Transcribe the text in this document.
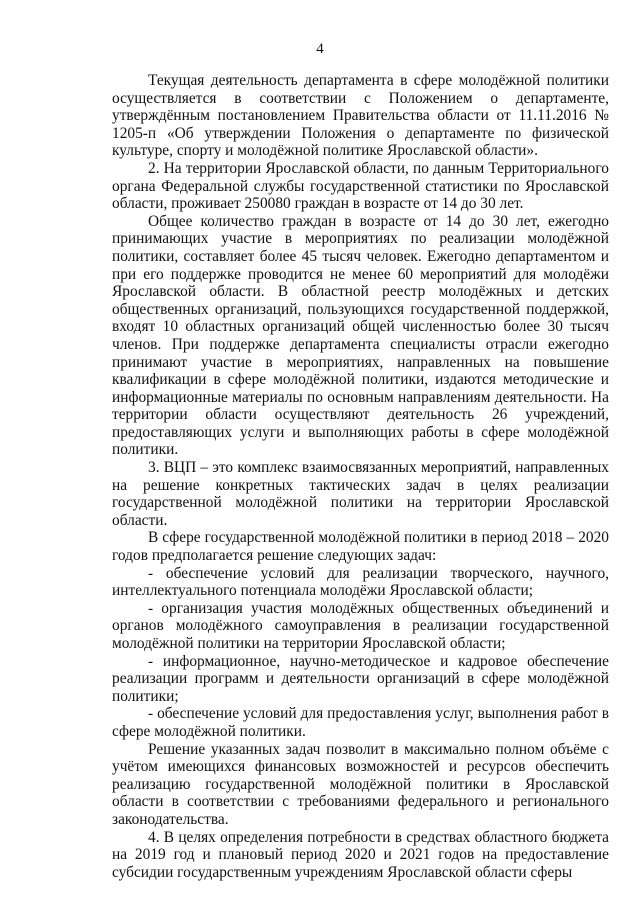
4

Текущая деятельность департамента в сфере молодёжной политики осуществляется в соответствии с Положением о департаменте, утверждённым постановлением Правительства области от 11.11.2016 № 1205-п «Об утверждении Положения о департаменте по физической культуре, спорту и молодёжной политике Ярославской области».

2. На территории Ярославской области, по данным Территориального органа Федеральной службы государственной статистики по Ярославской области, проживает 250080 граждан в возрасте от 14 до 30 лет.

Общее количество граждан в возрасте от 14 до 30 лет, ежегодно принимающих участие в мероприятиях по реализации молодёжной политики, составляет более 45 тысяч человек. Ежегодно департаментом и при его поддержке проводится не менее 60 мероприятий для молодёжи Ярославской области. В областной реестр молодёжных и детских общественных организаций, пользующихся государственной поддержкой, входят 10 областных организаций общей численностью более 30 тысяч членов. При поддержке департамента специалисты отрасли ежегодно принимают участие в мероприятиях, направленных на повышение квалификации в сфере молодёжной политики, издаются методические и информационные материалы по основным направлениям деятельности. На территории области осуществляют деятельность 26 учреждений, предоставляющих услуги и выполняющих работы в сфере молодёжной политики.

3. ВЦП – это комплекс взаимосвязанных мероприятий, направленных на решение конкретных тактических задач в целях реализации государственной молодёжной политики на территории Ярославской области.

В сфере государственной молодёжной политики в период 2018 – 2020 годов предполагается решение следующих задач:

- обеспечение условий для реализации творческого, научного, интеллектуального потенциала молодёжи Ярославской области;

- организация участия молодёжных общественных объединений и органов молодёжного самоуправления в реализации государственной молодёжной политики на территории Ярославской области;

- информационное, научно-методическое и кадровое обеспечение реализации программ и деятельности организаций в сфере молодёжной политики;

- обеспечение условий для предоставления услуг, выполнения работ в сфере молодёжной политики.

Решение указанных задач позволит в максимально полном объёме с учётом имеющихся финансовых возможностей и ресурсов обеспечить реализацию государственной молодёжной политики в Ярославской области в соответствии с требованиями федерального и регионального законодательства.

4. В целях определения потребности в средствах областного бюджета на 2019 год и плановый период 2020 и 2021 годов на предоставление субсидии государственным учреждениям Ярославской области сферы
